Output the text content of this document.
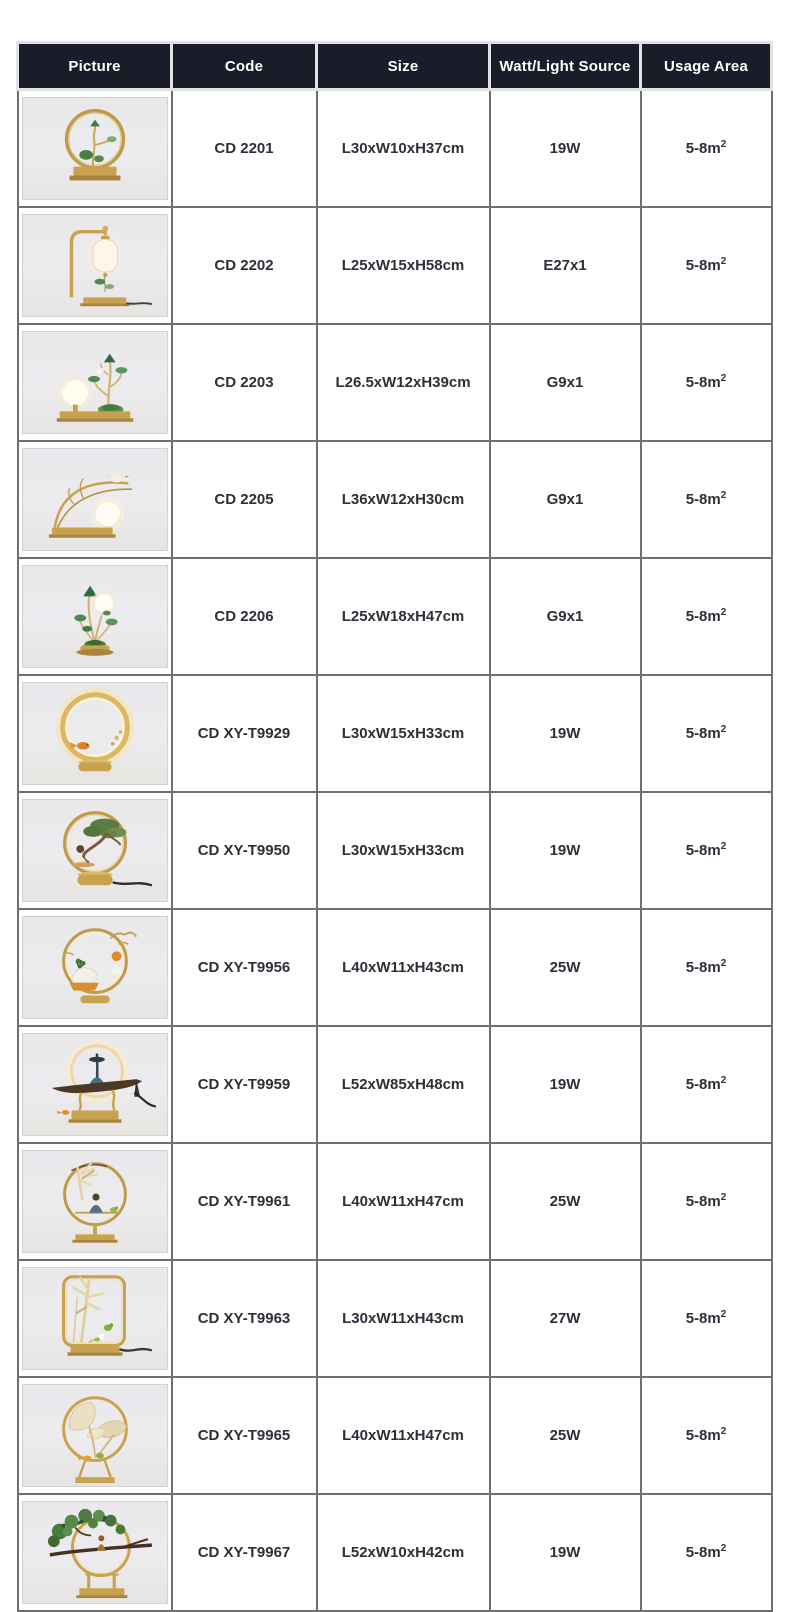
Picture	Code	Size	Watt/Light Source	Usage Area

	CD 2201	L30xW10xH37cm	19W	$5-8m^2$

	CD 2202	L25xW15xH58cm	E27x1	$5-8m^2$

	CD 2203	L26.5xW12xH39cm	G9x1	$5-8m^2$

	CD 2205	L36xW12xH30cm	G9x1	$5-8m^2$

	CD 2206	L25xW18xH47cm	G9x1	$5-8m^2$

	CD XY-T9929	L30xW15xH33cm	19W	$5-8m^2$

	CD XY-T9950	L30xW15xH33cm	19W	$5-8m^2$

	CD XY-T9956	L40xW11xH43cm	25W	$5-8m^2$

	CD XY-T9959	L52xW85xH48cm	19W	$5-8m^2$

	CD XY-T9961	L40xW11xH47cm	25W	$5-8m^2$

	CD XY-T9963	L30xW11xH43cm	27W	$5-8m^2$

	CD XY-T9965	L40xW11xH47cm	25W	$5-8m^2$

	CD XY-T9967	L52xW10xH42cm	19W	$5-8m^2$
